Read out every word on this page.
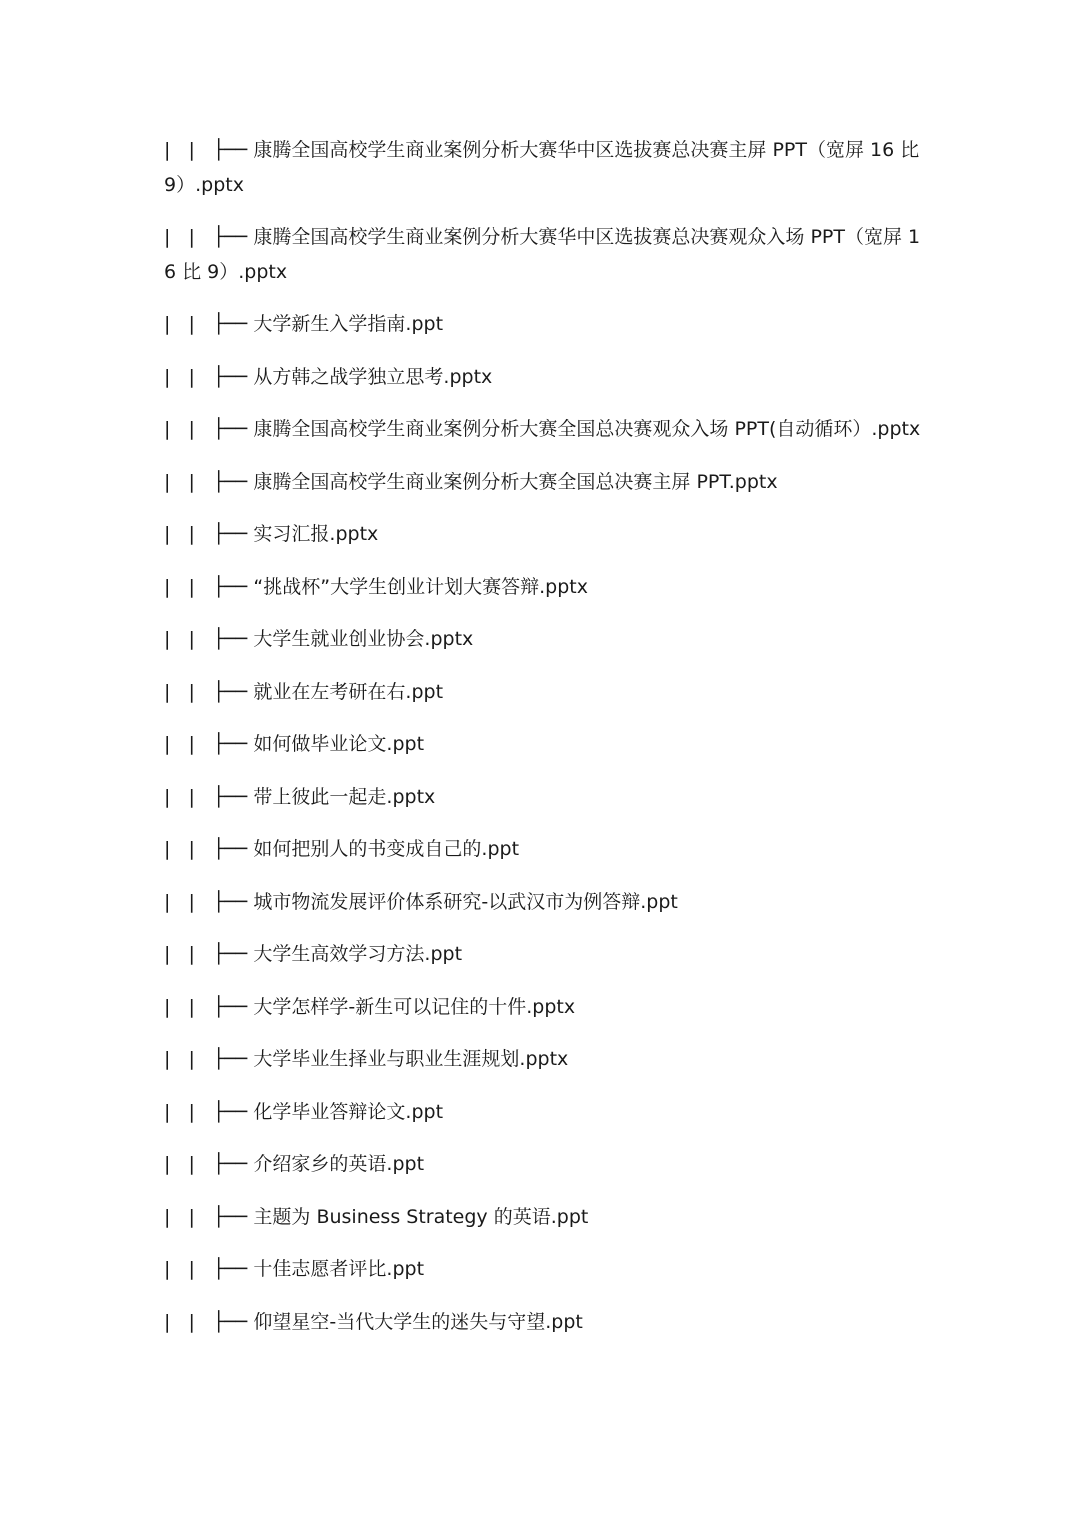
|   |   ├── 康腾全国高校学生商业案例分析大赛华中区选拔赛总决赛主屏 PPT（宽屏 16 比 9）.pptx
|   |   ├── 康腾全国高校学生商业案例分析大赛华中区选拔赛总决赛观众入场 PPT（宽屏 16 比 9）.pptx
|   |   ├── 大学新生入学指南.ppt
|   |   ├── 从方韩之战学独立思考.pptx
|   |   ├── 康腾全国高校学生商业案例分析大赛全国总决赛观众入场 PPT(自动循环）.pptx
|   |   ├── 康腾全国高校学生商业案例分析大赛全国总决赛主屏 PPT.pptx
|   |   ├── 实习汇报.pptx
|   |   ├── “挑战杯”大学生创业计划大赛答辩.pptx
|   |   ├── 大学生就业创业协会.pptx
|   |   ├── 就业在左考研在右.ppt
|   |   ├── 如何做毕业论文.ppt
|   |   ├── 带上彼此一起走.pptx
|   |   ├── 如何把别人的书变成自己的.ppt
|   |   ├── 城市物流发展评价体系研究-以武汉市为例答辩.ppt
|   |   ├── 大学生高效学习方法.ppt
|   |   ├── 大学怎样学-新生可以记住的十件.pptx
|   |   ├── 大学毕业生择业与职业生涯规划.pptx
|   |   ├── 化学毕业答辩论文.ppt
|   |   ├── 介绍家乡的英语.ppt
|   |   ├── 主题为 Business Strategy 的英语.ppt
|   |   ├── 十佳志愿者评比.ppt
|   |   ├── 仰望星空-当代大学生的迷失与守望.ppt
